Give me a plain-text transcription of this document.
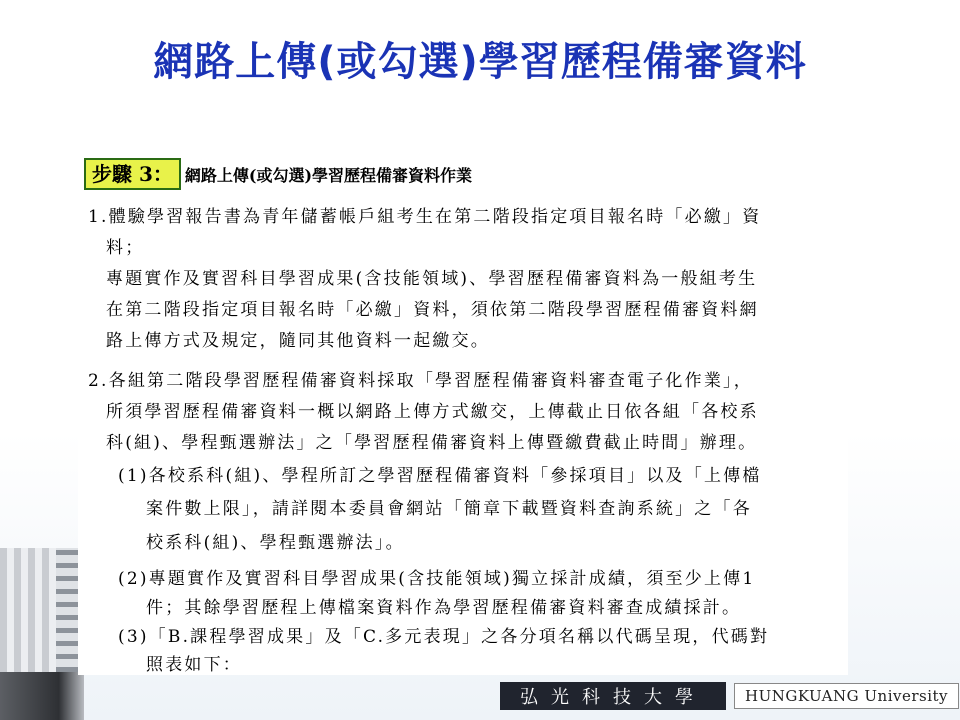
網路上傳(或勾選)學習歷程備審資料
步驟 3： 網路上傳(或勾選)學習歷程備審資料作業

1.體驗學習報告書為青年儲蓄帳戶組考生在第二階段指定項目報名時「必繳」資

料；

專題實作及實習科目學習成果(含技能領域)、學習歷程備審資料為一般組考生

在第二階段指定項目報名時「必繳」資料，須依第二階段學習歷程備審資料網

路上傳方式及規定，隨同其他資料一起繳交。

2.各組第二階段學習歷程備審資料採取「學習歷程備審資料審查電子化作業」，

所須學習歷程備審資料一概以網路上傳方式繳交，上傳截止日依各組「各校系

科(組)、學程甄選辦法」之「學習歷程備審資料上傳暨繳費截止時間」辦理。

(1)各校系科(組)、學程所訂之學習歷程備審資料「參採項目」以及「上傳檔

案件數上限」，請詳閱本委員會網站「簡章下載暨資料查詢系統」之「各

校系科(組)、學程甄選辦法」。

(2)專題實作及實習科目學習成果(含技能領域)獨立採計成績，須至少上傳1

件；其餘學習歷程上傳檔案資料作為學習歷程備審資料審查成績採計。

(3)「B.課程學習成果」及「C.多元表現」之各分項名稱以代碼呈現，代碼對

照表如下：

弘光科技大學	HUNGKUANG University
